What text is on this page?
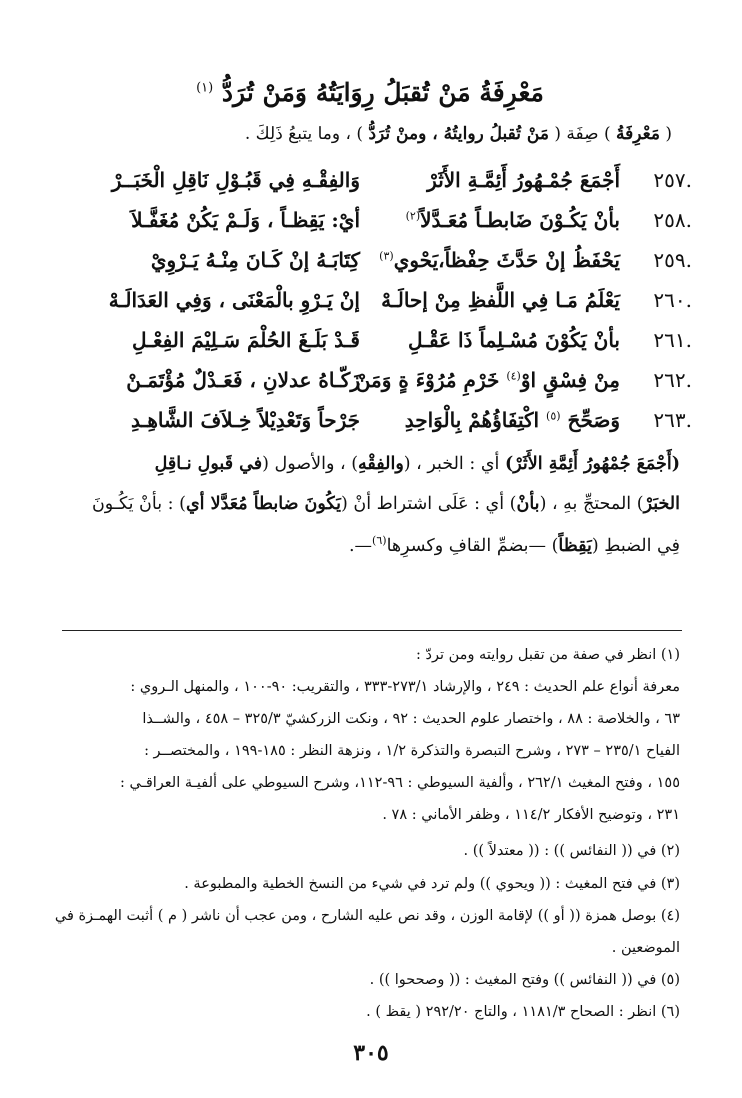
مَعْرِفَةُ مَنْ تُقبَلُ رِوَايَتُهُ وَمَنْ تُرَدُّ $^{(١)}$
( مَعْرِفَةُ ) صِفَة ( مَنْ تُقبلُ روايتُهُ ، ومنْ تُرَدُّ ) ، وما يتبعُ ذَلِكَ .
٢٥٧.
أَجْمَعَ جُمْـهُورُ أَئِمَّـةِ الأَثَرْ
وَالفِقْـهِ فِي قَبُـوْلِ نَاقِلِ الْخَبَــرْ
٢٥٨.
بأنْ يَكُـوْنَ ضَابطـاً مُعَـدَّلاً$^{(٢)}$
أيْ: يَقِظـاً ، وَلَـمْ يَكُنْ مُغَفَّـلاَ
٢٥٩.
يَحْفَظُ إنْ حَدَّثَ حِفْظاً،يَحْوي$^{(٣)}$
كِتَابَـهُ إنْ كَـانَ مِنْـهُ يَـرْوِيْ
٢٦٠.
يَعْلَمُ مَـا فِي اللَّفظِ مِنْ إحالَـهْ
إنْ يَـرْوِ بالْمَعْنَى ، وَفِي العَدَالَـهْ
٢٦١.
بأنْ يَكُوْنَ مُسْـلِماً ذَا عَقْـلِ
قَـدْ بَلَـغَ الحُلْمَ سَـلِيْمَ الفِعْـلِ
٢٦٢.
مِنْ فِسْقٍ اوْ$^{(٤)}$ خَرْمِ مُرُوْءَ ةٍ وَمَنْ
زَكّـاهُ عدلانِ ، فَعَـدْلٌ مُؤْتَمَـنْ
٢٦٣.
وَصَحِّحَ $^{(٥)}$ اكْتِفَاؤُهُمْ بِالْوَاحِدِ
جَرْحاً وَتَعْدِيْلاً خِـلاَفَ الشَّاهِـدِ
(أَجْمَعَ جُمْهُورُ أَئِمَّةِ الأَثَرْ) أي : الخبر ، (والفِقْهِ) ، والأصول (في قَبولِ نـاقِلِ
الخبَرْ) المحتجِّ بهِ ، (بأنْ) أي : عَلَى اشتراط أنْ (يَكُونَ ضابطاً مُعَدَّلا أي) : بأنْ يَكُـونَ
فِي الضبطِ (يَقِظاً) —بضمِّ القافِ وكسرِها$^{(٦)}$—.
(١) انظر في صفة من تقبل روايته ومن تردّ :
معرفة أنواع علم الحديث : ٢٤٩ ، والإرشاد ٢٧٣/١-٣٣٣ ، والتقريب: ٩٠-١٠٠ ، والمنهل الـروي :
٦٣ ، والخلاصة : ٨٨ ، واختصار علوم الحديث : ٩٢ ، ونكت الزركشيّ ٣٢٥/٣ – ٤٥٨ ، والشــذا
الفياح ٢٣٥/١ – ٢٧٣ ، وشرح التبصرة والتذكرة ١/٢ ، ونزهة النظر : ١٨٥-١٩٩ ، والمختصــر :
١٥٥ ، وفتح المغيث ٢٦٢/١ ، وألفية السيوطي : ٩٦-١١٢، وشرح السيوطي على ألفيـة العراقـي :
٢٣١ ، وتوضيح الأفكار ١١٤/٢ ، وظفر الأماني : ٧٨ .
(٢) في (( النفائس )) : (( معتدلاً )) .
(٣) في فتح المغيث : (( ويحوي )) ولم ترد في شيء من النسخ الخطية والمطبوعة .
(٤) بوصل همزة (( أو )) لإقامة الوزن ، وقد نص عليه الشارح ، ومن عجب أن ناشر ( م ) أثبت الهمـزة في
الموضعين .
(٥) في (( النفائس )) وفتح المغيث : (( وصححوا )) .
(٦) انظر : الصحاح ١١٨١/٣ ، والتاج ٢٩٢/٢٠ ( يقظ ) .
٣٠٥
